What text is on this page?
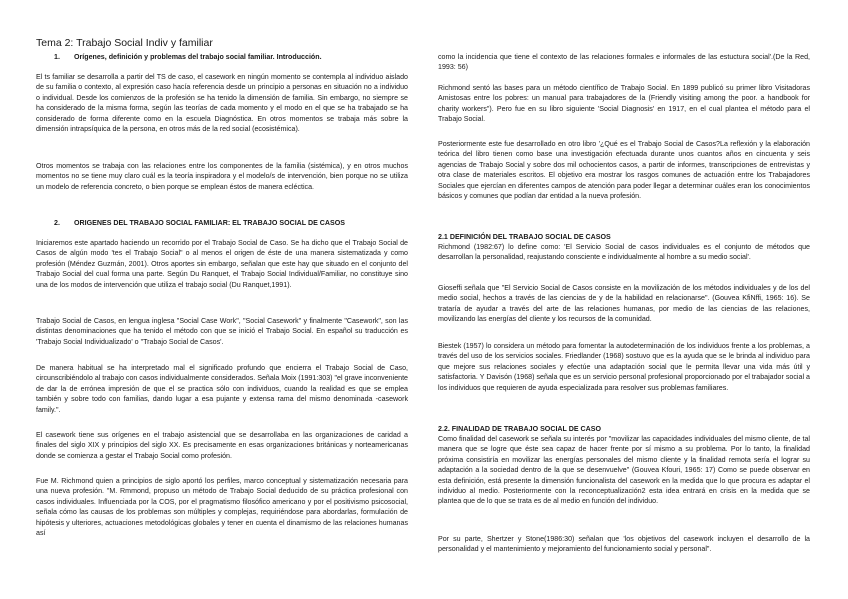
Tema 2: Trabajo Social Indiv y familiar
1. Orígenes, definición y problemas del trabajo social familiar. Introducción.

El ts familiar se desarrolla a partir del TS de caso, el casework en ningún momento se contempla al individuo aislado de su familia o contexto, al expresión caso hacía referencia desde un principio a personas en situación no a individuo o individual. Desde los comienzos de la profesión se ha tenido la dimensión de familia. Sin embargo, no siempre se ha considerado de la misma forma, según las teorías de cada momento y el modo en el que se ha trabajado se ha considerado de forma diferente como en la escuela Diagnóstica. En otros momentos se trabaja más sobre la dimensión intrapsíquica de la persona, en otros más de la red social (ecosistémica).

Otros momentos se trabaja con las relaciones entre los componentes de la familia (sistémica), y en otros muchos momentos no se tiene muy claro cuál es la teoría inspiradora y el modelo/s de intervención, bien porque no se utiliza un modelo de referencia concreto, o bien porque se emplean éstos de manera ecléctica.

2. ORIGENES DEL TRABAJO SOCIAL FAMILIAR: EL TRABAJO SOCIAL DE CASOS

Iniciaremos este apartado haciendo un recorrido por el Trabajo Social de Caso. Se ha dicho que el Trabajo Social de Casos de algún modo 'tes el Trabajo Social" o al menos el origen de éste de una manera sistematizada y como profesión (Méndez Guzmán, 2001). Otros aportes sin embargo, señalan que este hay que situado en el conjunto del Trabajo Social del cual forma una parte. Según Du Ranquet, el Trabajo Social Individual/Familiar, no constituye sino una de los modos de intervención que utiliza el trabajo social (Du Ranquet,1991).

Trabajo Social de Casos, en lengua inglesa "Social Case Work", "Social Casework" y finalmente "Casework", son las distintas denominaciones que ha tenido el método con que se inició el Trabajo Social. En español su traducción es 'Trabajo Social Individualizado' o "Trabajo Social de Casos'.

De manera habitual se ha interpretado mal el significado profundo que encierra el Trabajo Social de Caso, circunscribiéndolo al trabajo con casos individualmente considerados. Señala Moix (1991:303) "el grave inconveniente de dar la de errónea impresión de que el se practica sólo con individuos, cuando la realidad es que se emplea también y sobre todo con familias, dando lugar a esa pujante y extensa rama del mismo denominada -casework family.".

El casework tiene sus orígenes en el trabajo asistencial que se desarrollaba en las organizaciones de caridad a finales del siglo XIX y principios del siglo XX. Es precisamente en esas organizaciones británicas y norteamericanas donde se comienza a gestar el Trabajo Social como profesión.

Fue M. Richmond quien a principios de siglo aportó los perfiles, marco conceptual y sistematización necesaria para una nueva profesión. "M. Rmmond, propuso un método de Trabajo Social deducido de su práctica profesional con casos individuales. Influenciada por la COS, por el pragmatismo filosófico americano y por el positivismo psicosocial, señala cómo las causas de los problemas son múltiples y complejas, requiriéndose para abordarlas, formulación de hipótesis y ulteriores, actuaciones metodológicas globales y tener en cuenta el dinamismo de las relaciones humanas así

como la incidencia que tiene el contexto de las relaciones formales e informales de las estuctura social'.(De la Red, 1993: 56)

Richmond sentó las bases para un método científico de Trabajo Social. En 1899 publicó su primer libro Visitadoras Amistosas entre los pobres: un manual para trabajadores de la (Friendly visiting among the poor. a handbook for charity workers"). Pero fue en su libro siguiente 'Social Diagnosis' en 1917, en el cual plantea el método para el Trabajo Social.

Posteriormente este fue desarrollado en otro libro '¿Qué es el Trabajo Social de Casos?La reflexión y la elaboración teórica del libro tienen como base una investigación efectuada durante unos cuantos años en cincuenta y seis agencias de Trabajo Social y sobre dos mil ochocientos casos, a partir de informes, transcripciones de entrevistas y otra clase de materiales escritos. El objetivo era mostrar los rasgos comunes de actuación entre los Trabajadores Sociales que ejercían en diferentes campos de atención para poder llegar a determinar cuáles eran los conocimientos básicos y comunes que podían dar entidad a la nueva profesión.

2.1 DEFINICIÓN DEL TRABAJO SOCIAL DE CASOS

Richmond (1982:67) lo define como: 'El Servicio Social de casos individuales es el conjunto de métodos que desarrollan la personalidad, reajustando consciente e individualmente al hombre a su medio social'.

Gioseffi señala que "El Servicio Social de Casos consiste en la movilización de los métodos individuales y de los del medio social, hechos a través de las ciencias de y de la habilidad en relacionarse". (Gouvea KfiNffi, 1965: 16). Se trataría de ayudar a través del arte de las relaciones humanas, por medio de las ciencias de las relaciones, movilizando las energías del cliente y los recursos de la comunidad.

Biestek (1957) lo considera un método para fomentar la autodeterminación de los individuos frente a los problemas, a través del uso de los servicios sociales. Friedlander (1968) sostuvo que es la ayuda que se le brinda al individuo para que mejore sus relaciones sociales y efectúe una adaptación social que le permita llevar una vida más útil y satisfactoria. Y Davisón (1968) señala que es un servicio personal profesional proporcionado por el trabajador social a los individuos que requieren de ayuda especializada para resolver sus problemas familiares.

2.2. FINALIDAD DE TRABAJO SOCIAL DE CASO

Como finalidad del casework se señala su interés por "movilizar las capacidades individuales del mismo cliente, de tal manera que se logre que éste sea capaz de hacer frente por sí mismo a su problema. Por lo tanto, la finalidad próxima consistiría en movilizar las energías personales del mismo cliente y la finalidad remota sería el lograr su adaptación a la sociedad dentro de la que se desenvuelve" (Gouvea Kfouri, 1965: 17) Como se puede observar en esta definición, está presente la dimensión funcionalista del casework en la medida que lo que procura es adaptar el individuo al medio. Posteriormente con la reconceptualización2 esta idea entrará en crisis en la medida que se plantea que de lo que se trata es de al medio en función del individuo.

Por su parte, Shertzer y Stone(1986:30) señalan que 'los objetivos del casework incluyen el desarrollo de la personalidad y el mantenimiento y mejoramiento del funcionamiento social y personal".
